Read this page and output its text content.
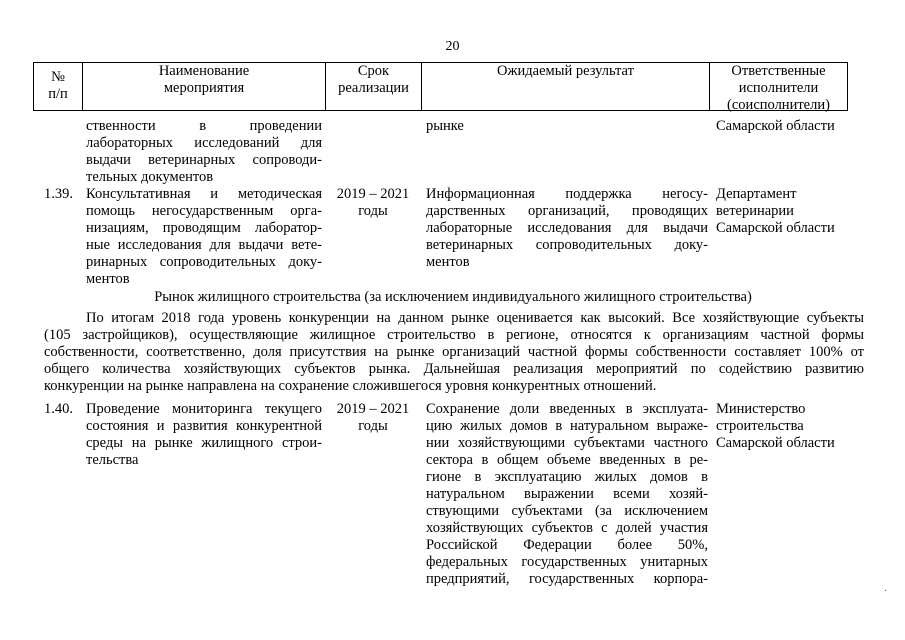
20
№
п/п
Наименование
мероприятия
Срок
реализации
Ожидаемый результат	Ответственные
исполнители
(соисполнители)
ственности в проведении
лабораторных исследований для
выдачи ветеринарных сопроводи-
тельных документов
рынке	Самарской области
1.39. Консультативная и методическая
помощь негосударственным орга-
низациям, проводящим лаборатор-
ные исследования для выдачи вете-
ринарных сопроводительных доку-
ментов
2019 – 2021
годы
Информационная поддержка негосу-
дарственных организаций, проводящих
лабораторные исследования для выдачи
ветеринарных сопроводительных доку-
ментов
Департамент
ветеринарии
Самарской области
Рынок жилищного строительства (за исключением индивидуального жилищного строительства)
По итогам 2018 года уровень конкуренции на данном рынке оценивается как высокий. Все хозяйствующие субъекты
(105 застройщиков), осуществляющие жилищное строительство в регионе, относятся к организациям частной формы
собственности, соответственно, доля присутствия на рынке организаций частной формы собственности составляет 100% от
общего количества хозяйствующих субъектов рынка. Дальнейшая реализация мероприятий по содействию развитию
конкуренции на рынке направлена на сохранение сложившегося уровня конкурентных отношений.
1.40. Проведение мониторинга текущего
состояния и развития конкурентной
среды на рынке жилищного строи-
тельства
2019 – 2021
годы
Сохранение доли введенных в эксплуата-
цию жилых домов в натуральном выраже-
нии хозяйствующими субъектами частного
сектора в общем объеме введенных в ре-
гионе в эксплуатацию жилых домов в
натуральном выражении всеми хозяй-
ствующими субъектами (за исключением
хозяйствующих субъектов с долей участия
Российской Федерации более 50%,
федеральных государственных унитарных
предприятий, государственных корпора-
Министерство
строительства
Самарской области
·
